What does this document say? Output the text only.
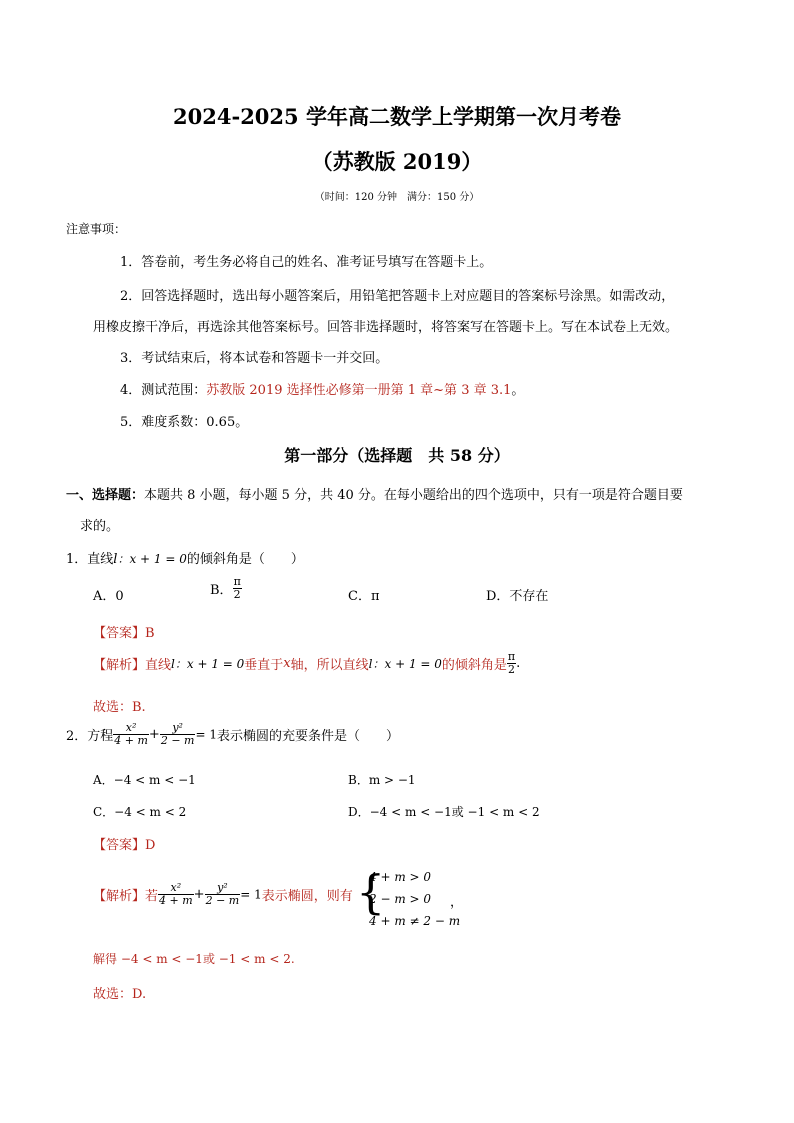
2024-2025 学年高二数学上学期第一次月考卷
（苏教版 2019）
（时间：120 分钟　满分：150 分）
注意事项：
1．答卷前，考生务必将自己的姓名、准考证号填写在答题卡上。
2．回答选择题时，选出每小题答案后，用铅笔把答题卡上对应题目的答案标号涂黑。如需改动，
用橡皮擦干净后，再选涂其他答案标号。回答非选择题时，将答案写在答题卡上。写在本试卷上无效。
3．考试结束后，将本试卷和答题卡一并交回。
4．测试范围：苏教版 2019 选择性必修第一册第 1 章~第 3 章 3.1。
5．难度系数：0.65。
第一部分（选择题　共 58 分）
一、选择题：本题共 8 小题，每小题 5 分，共 40 分。在每小题给出的四个选项中，只有一项是符合题目要
求的。
1．直线l：x + 1 = 0的倾斜角是（　　）
A．0	B． $\frac{\pi}{2}$	C．π	D．不存在
【答案】B
【解析】直线l：x + 1 = 0垂直于x轴，所以直线l：x + 1 = 0的倾斜角是 $\frac{\pi}{2}$ .
故选：B.
2．方程 $\frac{\text{x²}}{4 + m} + \frac{\text{y²}}{2 - m} = 1$表示椭圆的充要条件是（　　）
A．−4 < m < −1	B．m > −1
C．−4 < m < 2	D．−4 < m < −1或 −1 < m < 2
【答案】D
【解析】若 $\frac{\text{x²}}{4 + m} + \frac{\text{y²}}{2 - m} = 1$表示椭圆，则有 {
4 + m > 0
2 − m > 0
4 + m ≠ 2 − m
，
解得 −4 < m < −1或 −1 < m < 2.
故选：D.
